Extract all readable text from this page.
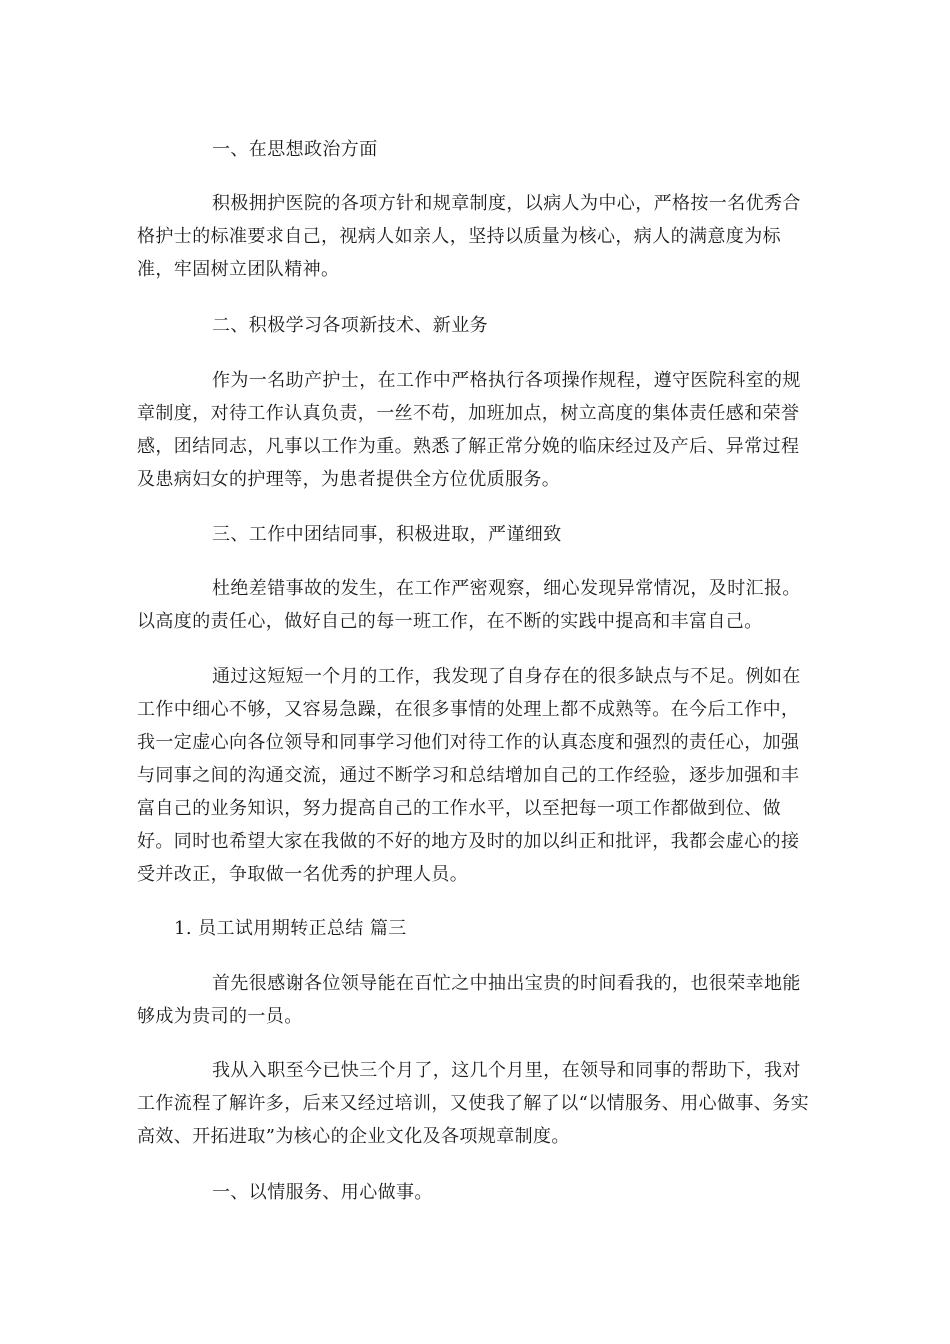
一、在思想政治方面

积极拥护医院的各项方针和规章制度，以病人为中心，严格按一名优秀合格护士的标准要求自己，视病人如亲人，坚持以质量为核心，病人的满意度为标准，牢固树立团队精神。

二、积极学习各项新技术、新业务

作为一名助产护士，在工作中严格执行各项操作规程，遵守医院科室的规章制度，对待工作认真负责，一丝不苟，加班加点，树立高度的集体责任感和荣誉感，团结同志，凡事以工作为重。熟悉了解正常分娩的临床经过及产后、异常过程及患病妇女的护理等，为患者提供全方位优质服务。

三、工作中团结同事，积极进取，严谨细致

杜绝差错事故的发生，在工作严密观察，细心发现异常情况，及时汇报。以高度的责任心，做好自己的每一班工作，在不断的实践中提高和丰富自己。

通过这短短一个月的工作，我发现了自身存在的很多缺点与不足。例如在工作中细心不够，又容易急躁，在很多事情的处理上都不成熟等。在今后工作中，我一定虚心向各位领导和同事学习他们对待工作的认真态度和强烈的责任心，加强与同事之间的沟通交流，通过不断学习和总结增加自己的工作经验，逐步加强和丰富自己的业务知识，努力提高自己的工作水平，以至把每一项工作都做到位、做好。同时也希望大家在我做的不好的地方及时的加以纠正和批评，我都会虚心的接受并改正，争取做一名优秀的护理人员。

1. 员工试用期转正总结 篇三

首先很感谢各位领导能在百忙之中抽出宝贵的时间看我的，也很荣幸地能够成为贵司的一员。

我从入职至今已快三个月了，这几个月里，在领导和同事的帮助下，我对工作流程了解许多，后来又经过培训，又使我了解了以“以情服务、用心做事、务实高效、开拓进取”为核心的企业文化及各项规章制度。

一、以情服务、用心做事。
